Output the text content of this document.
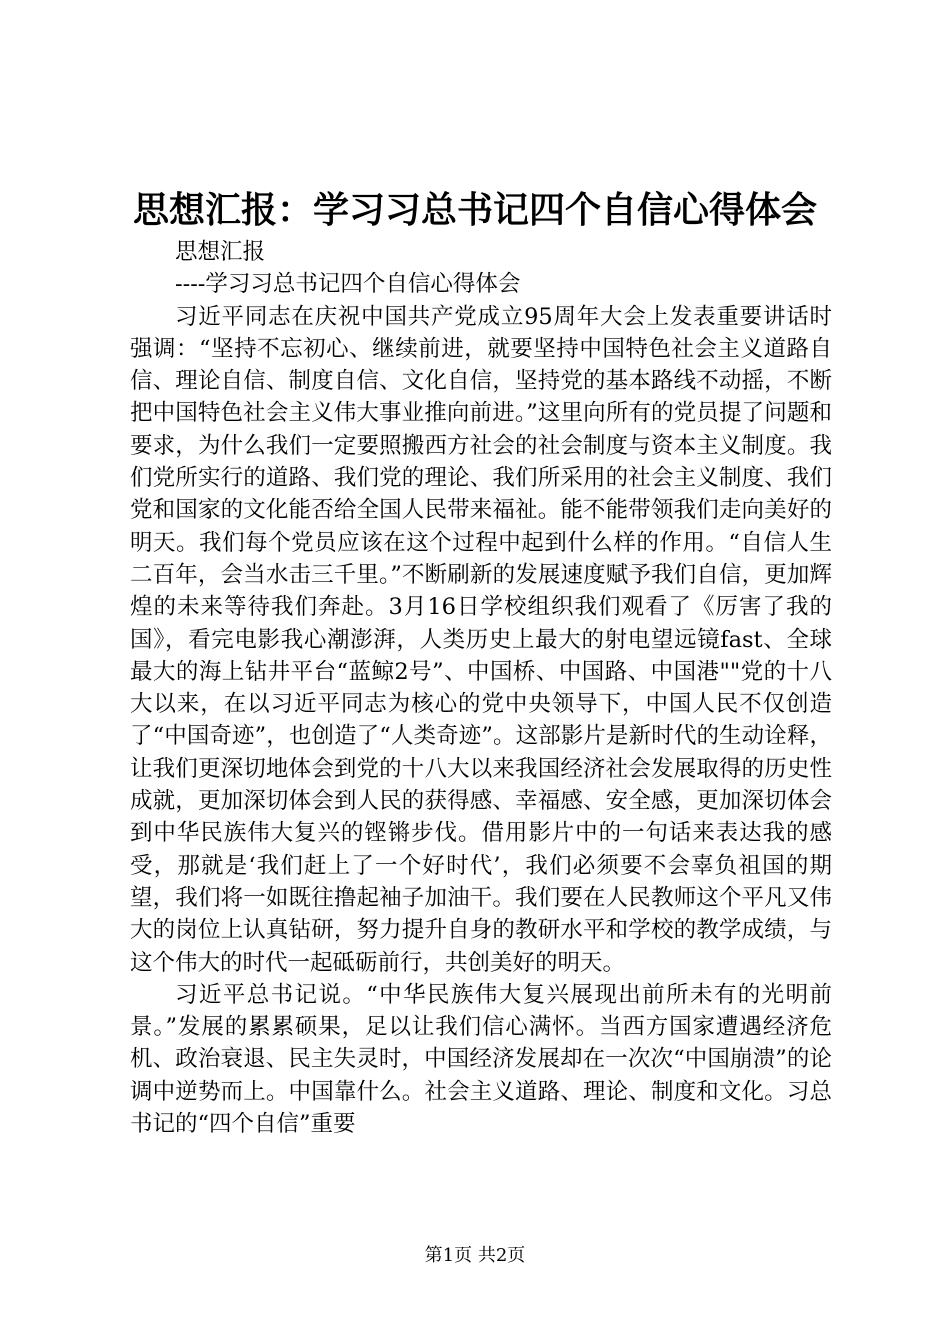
思想汇报：学习习总书记四个自信心得体会

思想汇报

----学习习总书记四个自信心得体会

习近平同志在庆祝中国共产党成立95周年大会上发表重要讲话时强调：“坚持不忘初心、继续前进，就要坚持中国特色社会主义道路自信、理论自信、制度自信、文化自信，坚持党的基本路线不动摇，不断把中国特色社会主义伟大事业推向前进。”这里向所有的党员提了问题和要求，为什么我们一定要照搬西方社会的社会制度与资本主义制度。我们党所实行的道路、我们党的理论、我们所采用的社会主义制度、我们党和国家的文化能否给全国人民带来福祉。能不能带领我们走向美好的明天。我们每个党员应该在这个过程中起到什么样的作用。“自信人生二百年，会当水击三千里。”不断刷新的发展速度赋予我们自信，更加辉煌的未来等待我们奔赴。3月16日学校组织我们观看了《厉害了我的国》，看完电影我心潮澎湃，人类历史上最大的射电望远镜fast、全球最大的海上钻井平台“蓝鲸2号”、中国桥、中国路、中国港""党的十八大以来，在以习近平同志为核心的党中央领导下，中国人民不仅创造了“中国奇迹”，也创造了“人类奇迹”。这部影片是新时代的生动诠释，让我们更深切地体会到党的十八大以来我国经济社会发展取得的历史性成就，更加深切体会到人民的获得感、幸福感、安全感，更加深切体会到中华民族伟大复兴的铿锵步伐。借用影片中的一句话来表达我的感受，那就是‘我们赶上了一个好时代’，我们必须要不会辜负祖国的期望，我们将一如既往撸起袖子加油干。我们要在人民教师这个平凡又伟大的岗位上认真钻研，努力提升自身的教研水平和学校的教学成绩，与这个伟大的时代一起砥砺前行，共创美好的明天。

习近平总书记说。“中华民族伟大复兴展现出前所未有的光明前景。”发展的累累硕果，足以让我们信心满怀。当西方国家遭遇经济危机、政治衰退、民主失灵时，中国经济发展却在一次次“中国崩溃”的论调中逆势而上。中国靠什么。社会主义道路、理论、制度和文化。习总书记的“四个自信”重要

第1页 共2页
